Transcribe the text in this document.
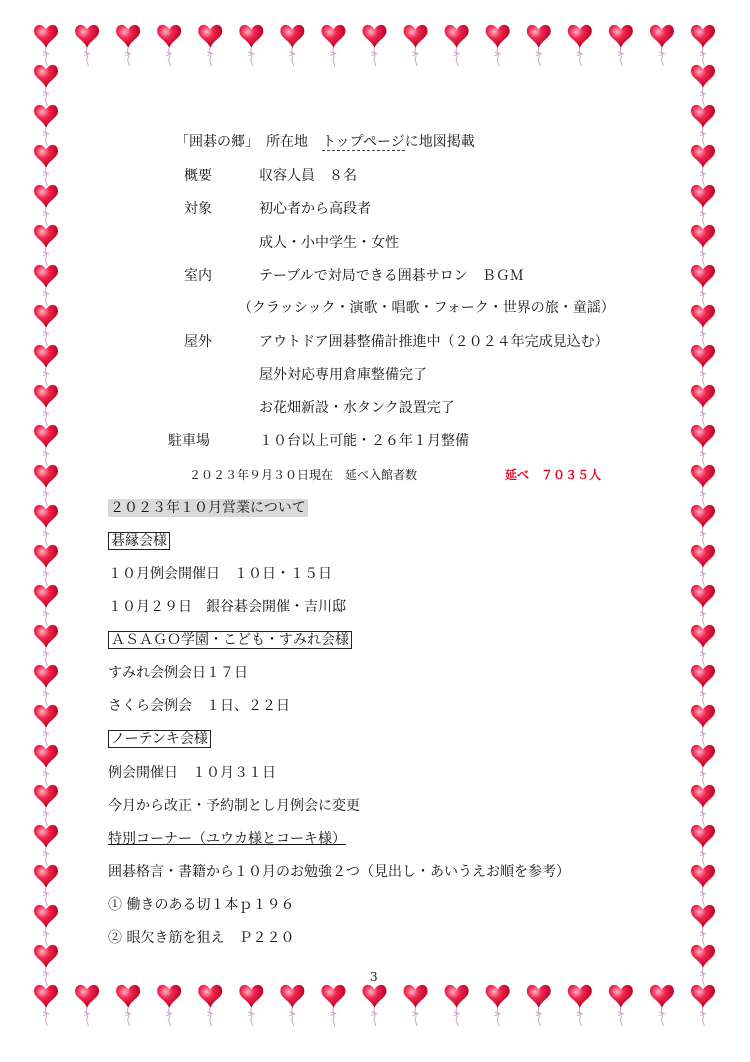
「囲碁の郷」　所在地　トップページに地図掲載
概要	収容人員　８名
対象	初心者から高段者
成人・小中学生・女性
室内	テーブルで対局できる囲碁サロン　ＢＧＭ
（クラッシック・演歌・唱歌・フォーク・世界の旅・童謡）
屋外	アウトドア囲碁整備計推進中（２０２４年完成見込む）
屋外対応専用倉庫整備完了
お花畑新設・水タンク設置完了
駐車場	１０台以上可能・２６年１月整備
２０２３年９月３０日現在　延べ入館者数	延べ　７０３５人
２０２３年１０月営業について
碁縁会様
１０月例会開催日　１０日・１５日
１０月２９日　銀谷碁会開催・吉川邸
ＡＳＡＧＯ学園・こども・すみれ会様
すみれ会例会日１７日
さくら会例会　１日、２２日
ノーテンキ会様
例会開催日　１０月３１日
今月から改正・予約制とし月例会に変更
特別コーナー（ユウカ様とコーキ様）
囲碁格言・書籍から１０月のお勉強２つ（見出し・あいうえお順を参考）
① 働きのある切１本ｐ１９６
② 眼欠き筋を狙え　Ｐ２２０
3
